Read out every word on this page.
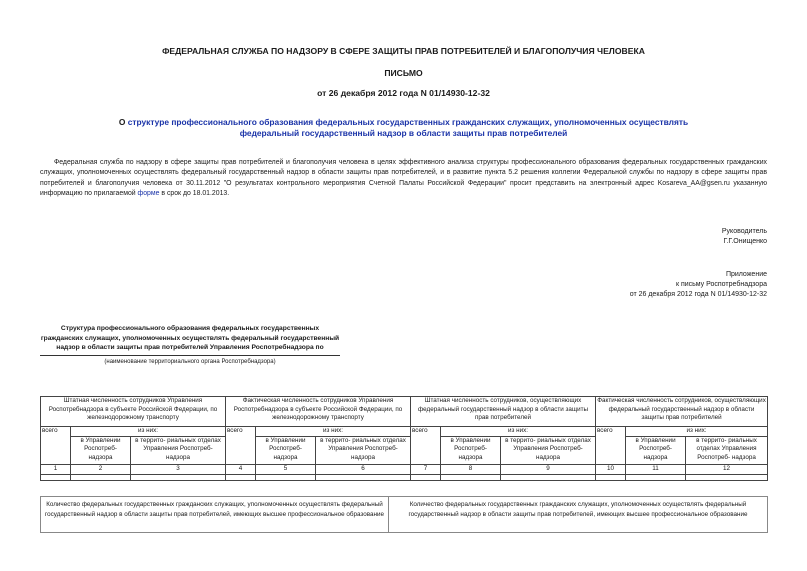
ФЕДЕРАЛЬНАЯ СЛУЖБА ПО НАДЗОРУ В СФЕРЕ ЗАЩИТЫ ПРАВ ПОТРЕБИТЕЛЕЙ И БЛАГОПОЛУЧИЯ ЧЕЛОВЕКА
ПИСЬМО
от 26 декабря 2012 года N 01/14930-12-32
О структуре профессионального образования федеральных государственных гражданских служащих, уполномоченных осуществлять федеральный государственный надзор в области защиты прав потребителей
Федеральная служба по надзору в сфере защиты прав потребителей и благополучия человека в целях эффективного анализа структуры профессионального образования федеральных государственных гражданских служащих, уполномоченных осуществлять федеральный государственный надзор в области защиты прав потребителей, и в развитие пункта 5.2 решения коллегии Федеральной службы по надзору в сфере защиты прав потребителей и благополучия человека от 30.11.2012 "О результатах контрольного мероприятия Счетной Палаты Российской Федерации" просит представить на электронный адрес Kosareva_AA@gsen.ru указанную информацию по прилагаемой форме в срок до 18.01.2013.
Руководитель
Г.Г.Онищенко
Приложение
к письму Роспотребнадзора
от 26 декабря 2012 года N 01/14930-12-32
Структура профессионального образования федеральных государственных гражданских служащих, уполномоченных осуществлять федеральный государственный надзор в области защиты прав потребителей Управления Роспотребнадзора по
(наименование территориального органа Роспотребнадзора)
Штатная численность сотрудников Управления Роспотребнадзора в субъекте Российской Федерации, по железнодорожному транспорту			Фактическая численность сотрудников Управления Роспотребнадзора в субъекте Российской Федерации, по железнодорожному транспорту			Штатная численность сотрудников, осуществляющих федеральный государственный надзор в области защиты прав потребителей			Фактическая численность сотрудников, осуществляющих федеральный государственный надзор в области защиты прав потребителей		
всего	из них:		всего	из них:		всего	из них:		всего	из них:	
	в Управлении Роспотреб- надзора	в террито- риальных отделах Управления Роспотреб- надзора		в Управлении Роспотреб- надзора	в террито- риальных отделах Управления Роспотреб- надзора		в Управлении Роспотреб- надзора	в террито- риальных отделах Управления Роспотреб- надзора		в Управлении Роспотреб- надзора	в террито- риальных отделах Управления Роспотреб- надзора
1	2	3	4	5	6	7	8	9	10	11	12

Количество федеральных государственных гражданских служащих, уполномоченных осуществлять федеральный государственный надзор в области защиты прав потребителей, имеющих высшее профессиональное образование	Количество федеральных государственных гражданских служащих, уполномоченных осуществлять федеральный государственный надзор в области защиты прав потребителей, имеющих высшее профессиональное образование
